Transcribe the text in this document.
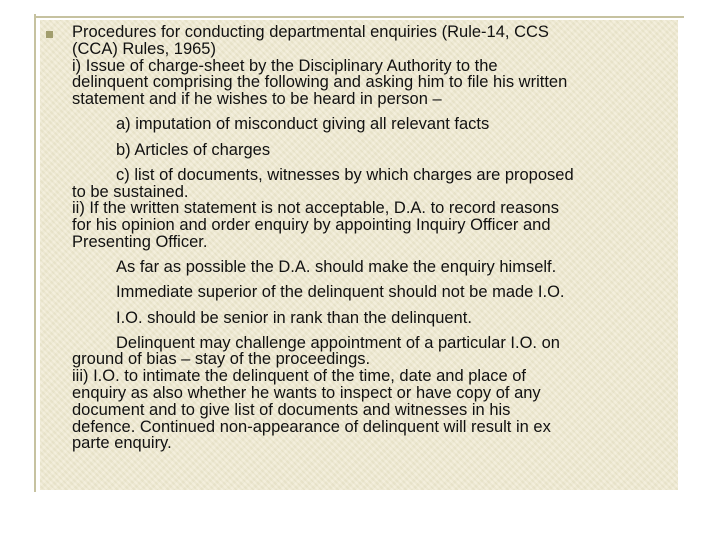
Procedures for conducting departmental enquiries (Rule-14, CCS
(CCA) Rules, 1965)
i) Issue of charge-sheet by the Disciplinary Authority to the
delinquent comprising the following and asking him to file his written
statement and if he wishes to be heard in person –
a) imputation of misconduct giving all relevant facts
b) Articles of charges
c) list of documents, witnesses by which charges are proposed
to be sustained.
ii) If the written statement is not acceptable, D.A. to record reasons
for his opinion and order enquiry by appointing Inquiry Officer and
Presenting Officer.
As far as possible the D.A. should make the enquiry himself.
Immediate superior of the delinquent should not be made I.O.
I.O. should be senior in rank than the delinquent.
Delinquent may challenge appointment of a particular I.O. on
ground of bias – stay of the proceedings.
iii) I.O. to intimate the delinquent of the time, date and place of
enquiry as also whether he wants to inspect or have copy of any
document and to give list of documents and witnesses in his
defence. Continued non-appearance of delinquent will result in ex
parte enquiry.
